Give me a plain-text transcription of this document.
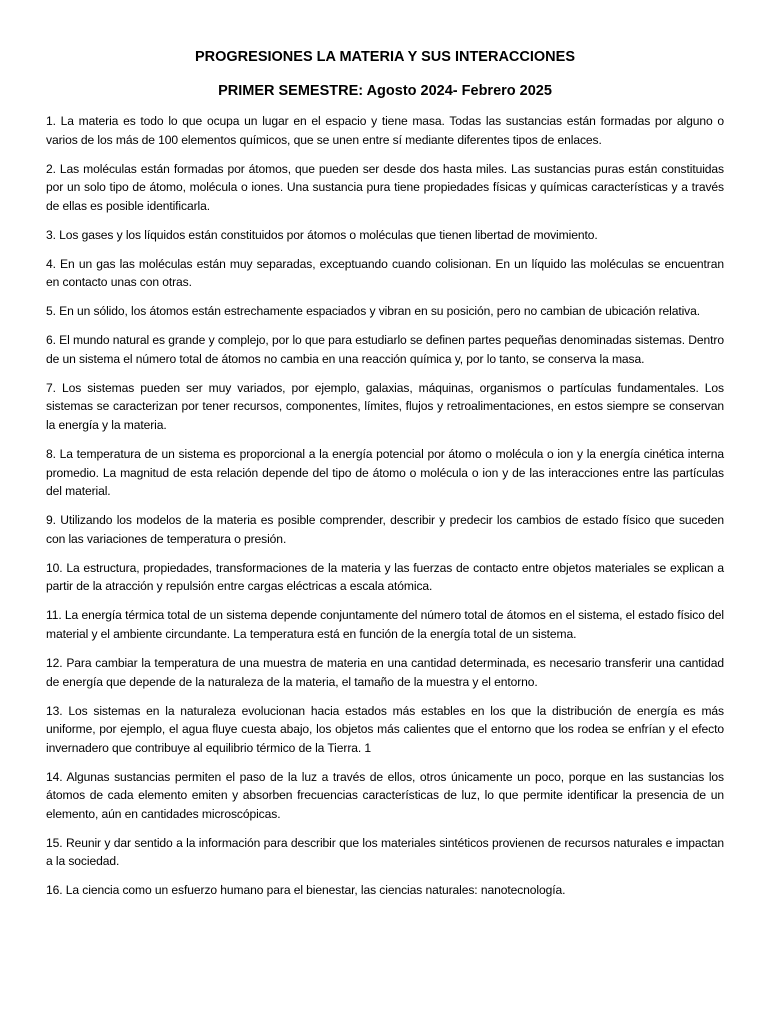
PROGRESIONES LA MATERIA Y SUS INTERACCIONES
PRIMER SEMESTRE: Agosto 2024- Febrero 2025

1. La materia es todo lo que ocupa un lugar en el espacio y tiene masa. Todas las sustancias están formadas por alguno o varios de los más de 100 elementos químicos, que se unen entre sí mediante diferentes tipos de enlaces.

2. Las moléculas están formadas por átomos, que pueden ser desde dos hasta miles. Las sustancias puras están constituidas por un solo tipo de átomo, molécula o iones. Una sustancia pura tiene propiedades físicas y químicas características y a través de ellas es posible identificarla.

3. Los gases y los líquidos están constituidos por átomos o moléculas que tienen libertad de movimiento.

4. En un gas las moléculas están muy separadas, exceptuando cuando colisionan. En un líquido las moléculas se encuentran en contacto unas con otras.

5. En un sólido, los átomos están estrechamente espaciados y vibran en su posición, pero no cambian de ubicación relativa.

6. El mundo natural es grande y complejo, por lo que para estudiarlo se definen partes pequeñas denominadas sistemas. Dentro de un sistema el número total de átomos no cambia en una reacción química y, por lo tanto, se conserva la masa.

7. Los sistemas pueden ser muy variados, por ejemplo, galaxias, máquinas, organismos o partículas fundamentales. Los sistemas se caracterizan por tener recursos, componentes, límites, flujos y retroalimentaciones, en estos siempre se conservan la energía y la materia.

8. La temperatura de un sistema es proporcional a la energía potencial por átomo o molécula o ion y la energía cinética interna promedio. La magnitud de esta relación depende del tipo de átomo o molécula o ion y de las interacciones entre las partículas del material.

9. Utilizando los modelos de la materia es posible comprender, describir y predecir los cambios de estado físico que suceden con las variaciones de temperatura o presión.

10. La estructura, propiedades, transformaciones de la materia y las fuerzas de contacto entre objetos materiales se explican a partir de la atracción y repulsión entre cargas eléctricas a escala atómica.

11. La energía térmica total de un sistema depende conjuntamente del número total de átomos en el sistema, el estado físico del material y el ambiente circundante. La temperatura está en función de la energía total de un sistema.

12. Para cambiar la temperatura de una muestra de materia en una cantidad determinada, es necesario transferir una cantidad de energía que depende de la naturaleza de la materia, el tamaño de la muestra y el entorno.

13. Los sistemas en la naturaleza evolucionan hacia estados más estables en los que la distribución de energía es más uniforme, por ejemplo, el agua fluye cuesta abajo, los objetos más calientes que el entorno que los rodea se enfrían y el efecto invernadero que contribuye al equilibrio térmico de la Tierra. 1

14. Algunas sustancias permiten el paso de la luz a través de ellos, otros únicamente un poco, porque en las sustancias los átomos de cada elemento emiten y absorben frecuencias características de luz, lo que permite identificar la presencia de un elemento, aún en cantidades microscópicas.

15. Reunir y dar sentido a la información para describir que los materiales sintéticos provienen de recursos naturales e impactan a la sociedad.

16. La ciencia como un esfuerzo humano para el bienestar, las ciencias naturales: nanotecnología.
